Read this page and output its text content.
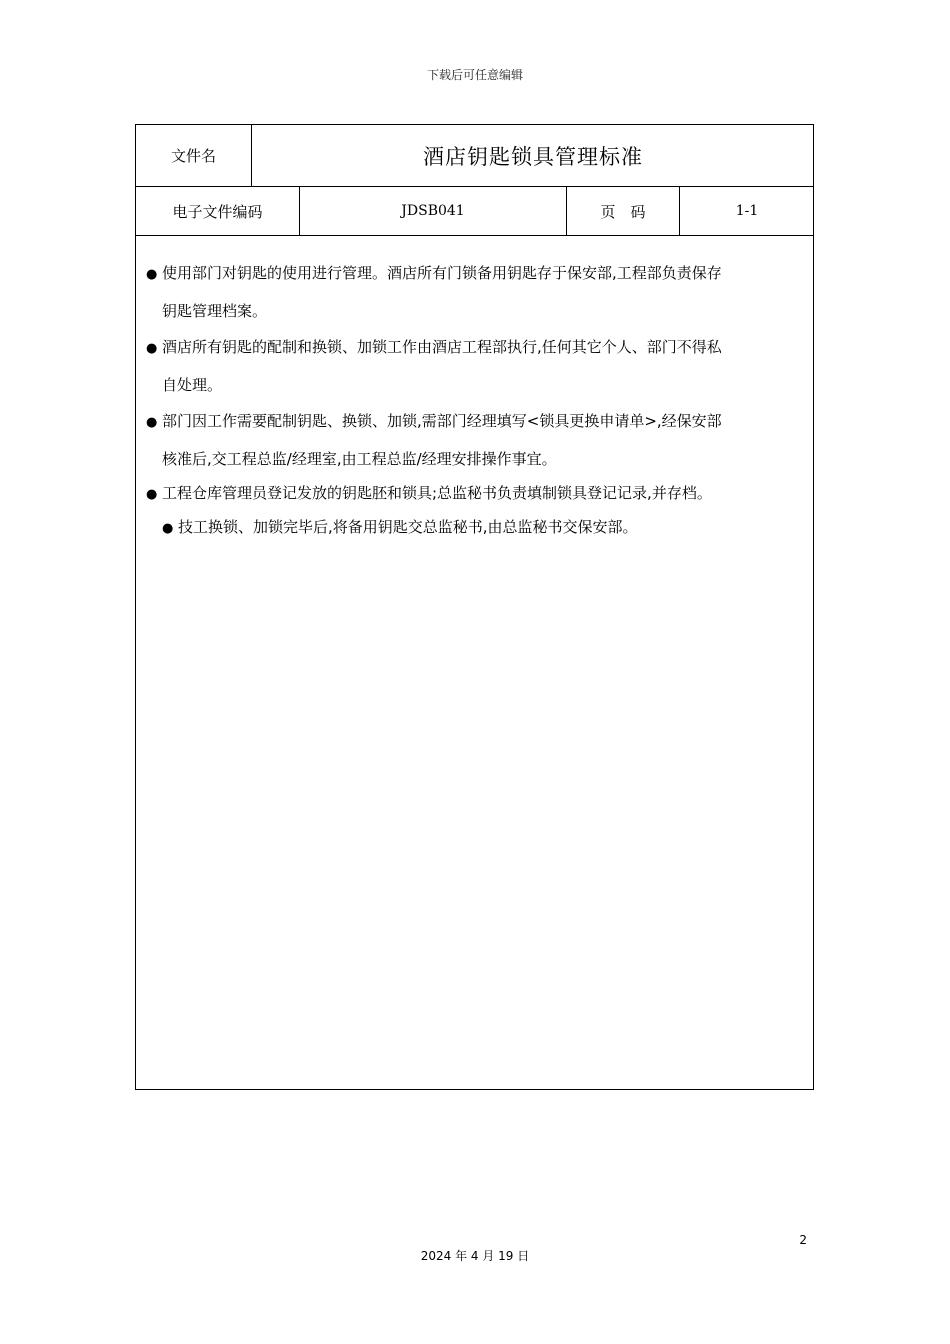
下载后可任意编辑
文件名	酒店钥匙锁具管理标准
电子文件编码	JDSB041	页　码	1-1
● 使用部门对钥匙的使用进行管理。酒店所有门锁备用钥匙存于保安部,工程部负责保存
钥匙管理档案。
● 酒店所有钥匙的配制和换锁、加锁工作由酒店工程部执行,任何其它个人、部门不得私
自处理。
● 部门因工作需要配制钥匙、换锁、加锁,需部门经理填写<锁具更换申请单>,经保安部
核准后,交工程总监/经理室,由工程总监/经理安排操作事宜。
● 工程仓库管理员登记发放的钥匙胚和锁具;总监秘书负责填制锁具登记记录,并存档。
● 技工换锁、加锁完毕后,将备用钥匙交总监秘书,由总监秘书交保安部。
2
2024 年 4 月 19 日
